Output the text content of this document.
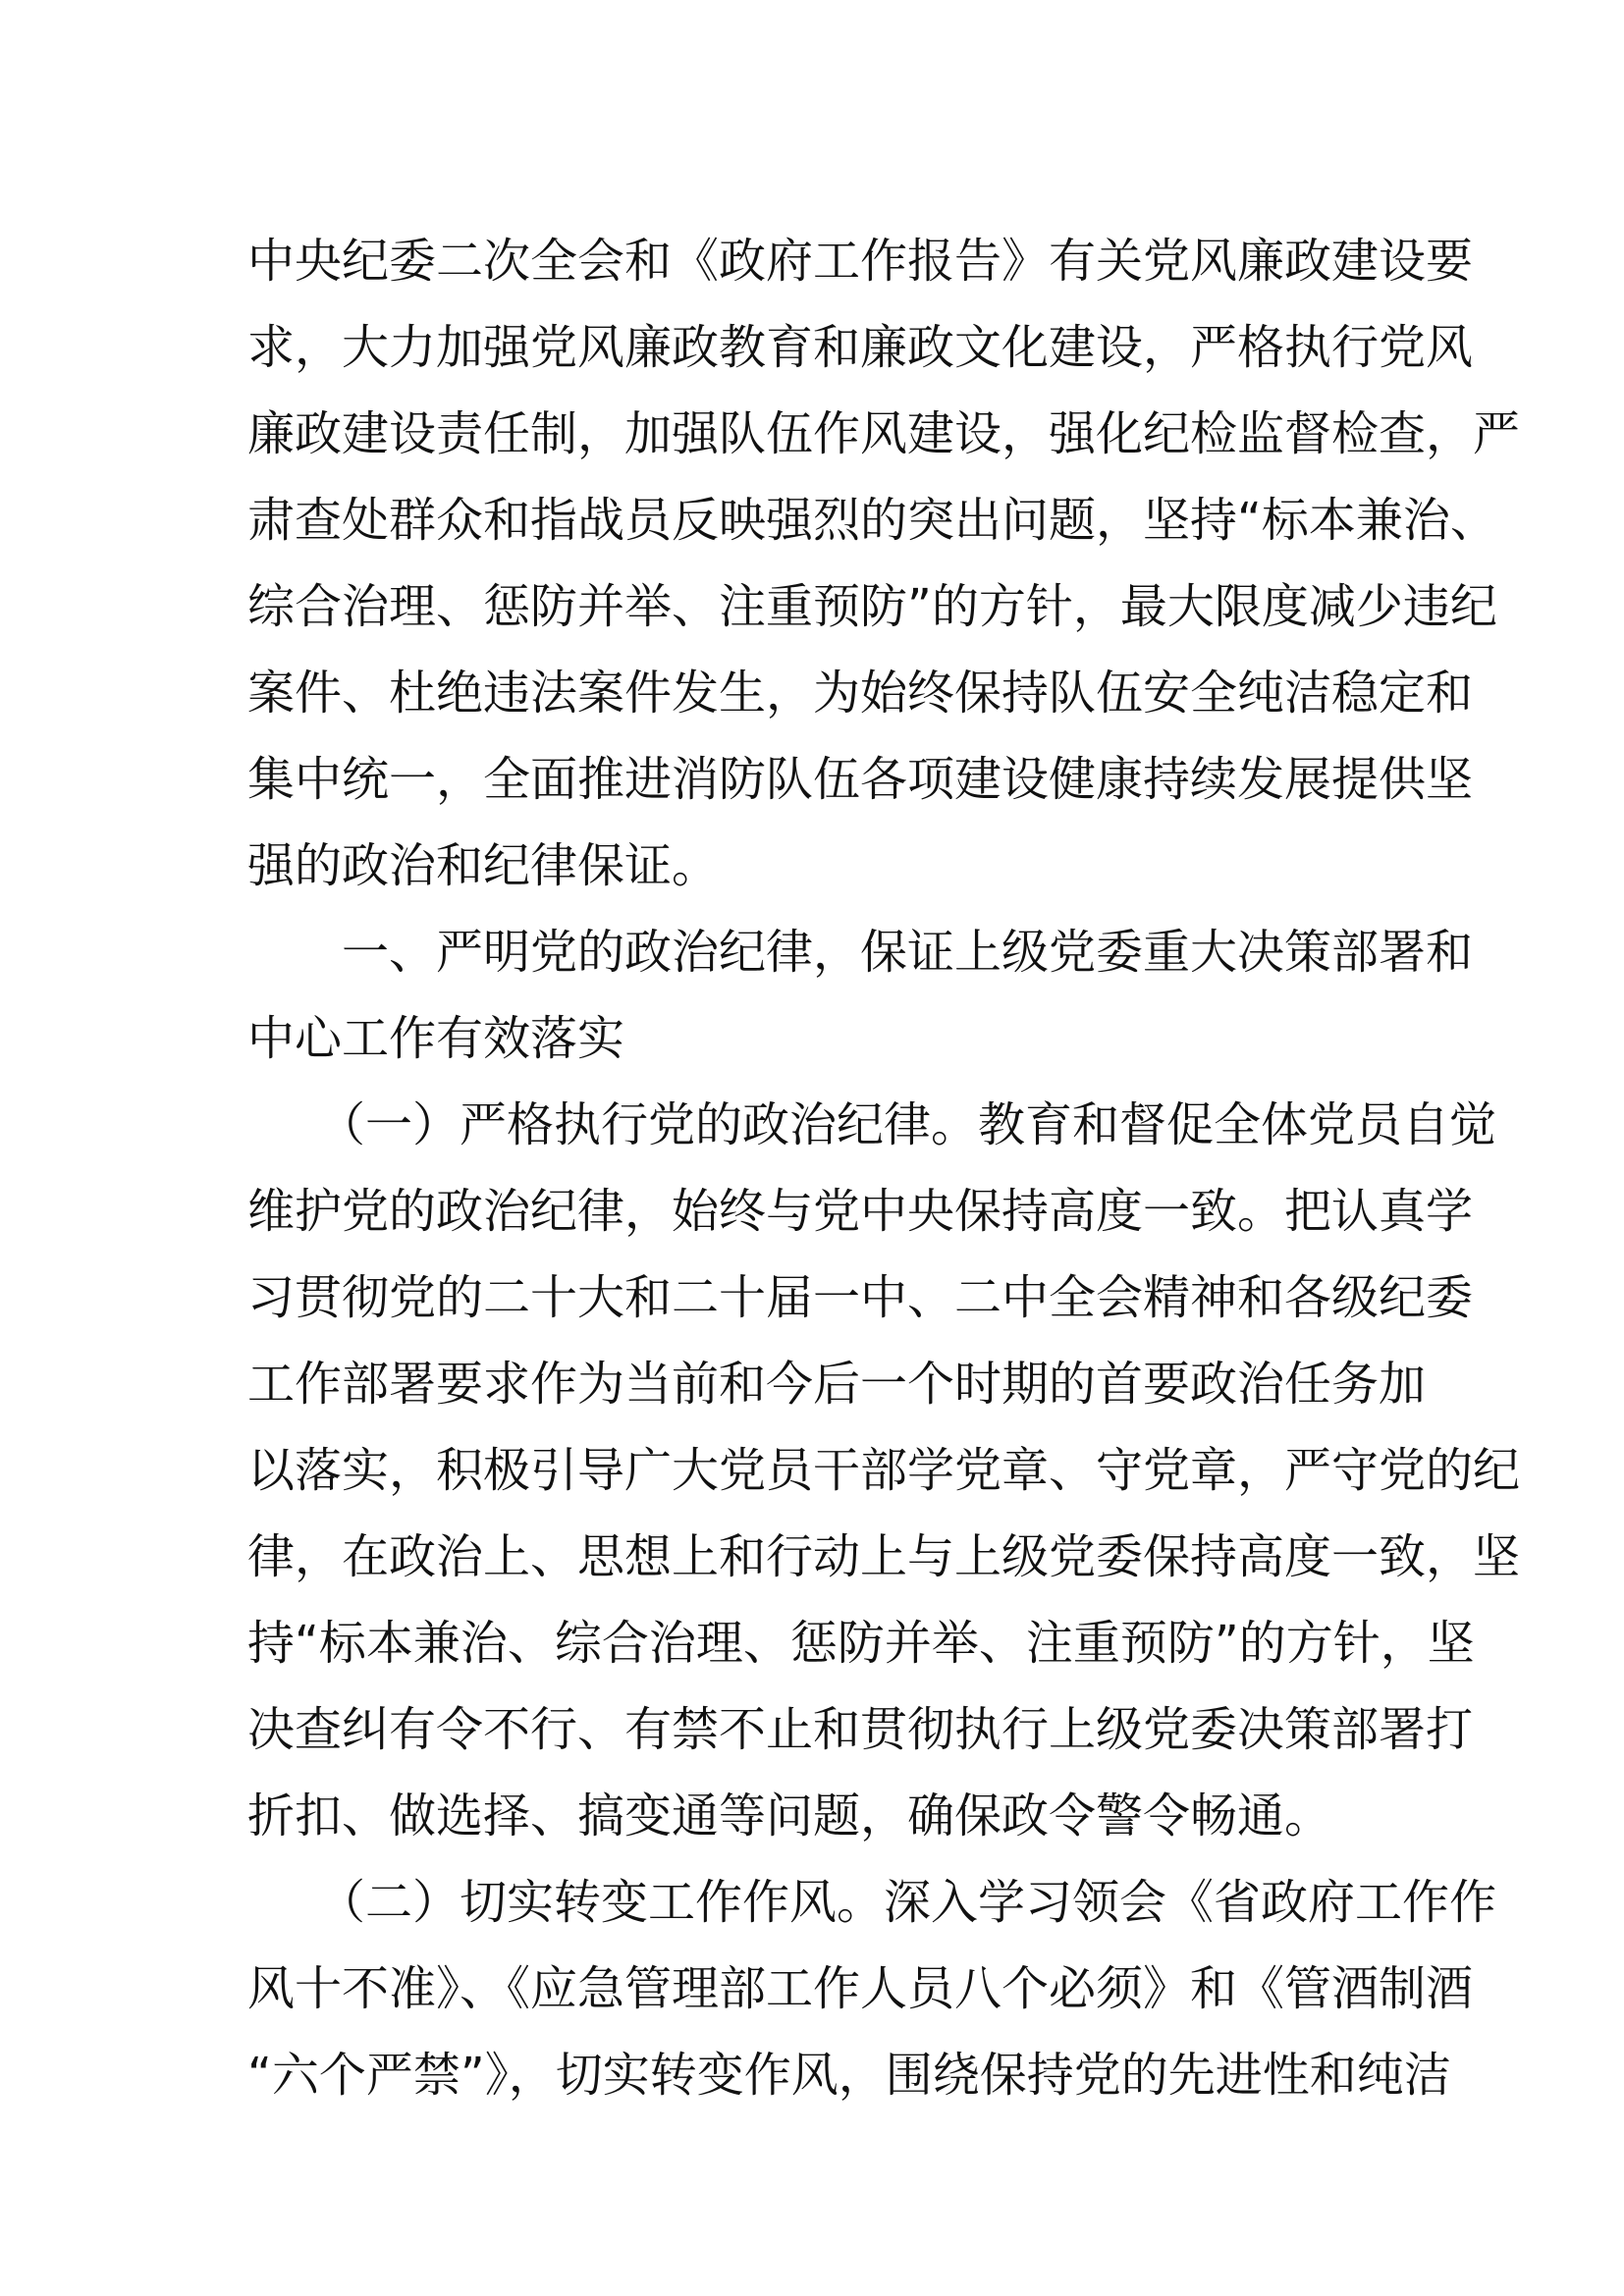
中央纪委二次全会和《政府工作报告》有关党风廉政建设要
求，大力加强党风廉政教育和廉政文化建设，严格执行党风
廉政建设责任制，加强队伍作风建设，强化纪检监督检查，严
肃查处群众和指战员反映强烈的突出问题，坚持“标本兼治、
综合治理、惩防并举、注重预防”的方针，最大限度减少违纪
案件、杜绝违法案件发生，为始终保持队伍安全纯洁稳定和
集中统一，全面推进消防队伍各项建设健康持续发展提供坚
强的政治和纪律保证。
　　一、严明党的政治纪律，保证上级党委重大决策部署和
中心工作有效落实
　　（一）严格执行党的政治纪律。教育和督促全体党员自觉
维护党的政治纪律，始终与党中央保持高度一致。把认真学
习贯彻党的二十大和二十届一中、二中全会精神和各级纪委
工作部署要求作为当前和今后一个时期的首要政治任务加
以落实，积极引导广大党员干部学党章、守党章，严守党的纪
律，在政治上、思想上和行动上与上级党委保持高度一致，坚
持“标本兼治、综合治理、惩防并举、注重预防”的方针，坚
决查纠有令不行、有禁不止和贯彻执行上级党委决策部署打
折扣、做选择、搞变通等问题，确保政令警令畅通。
　　（二）切实转变工作作风。深入学习领会《省政府工作作
风十不准》、《应急管理部工作人员八个必须》和《管酒制酒
“六个严禁”》，切实转变作风，围绕保持党的先进性和纯洁
